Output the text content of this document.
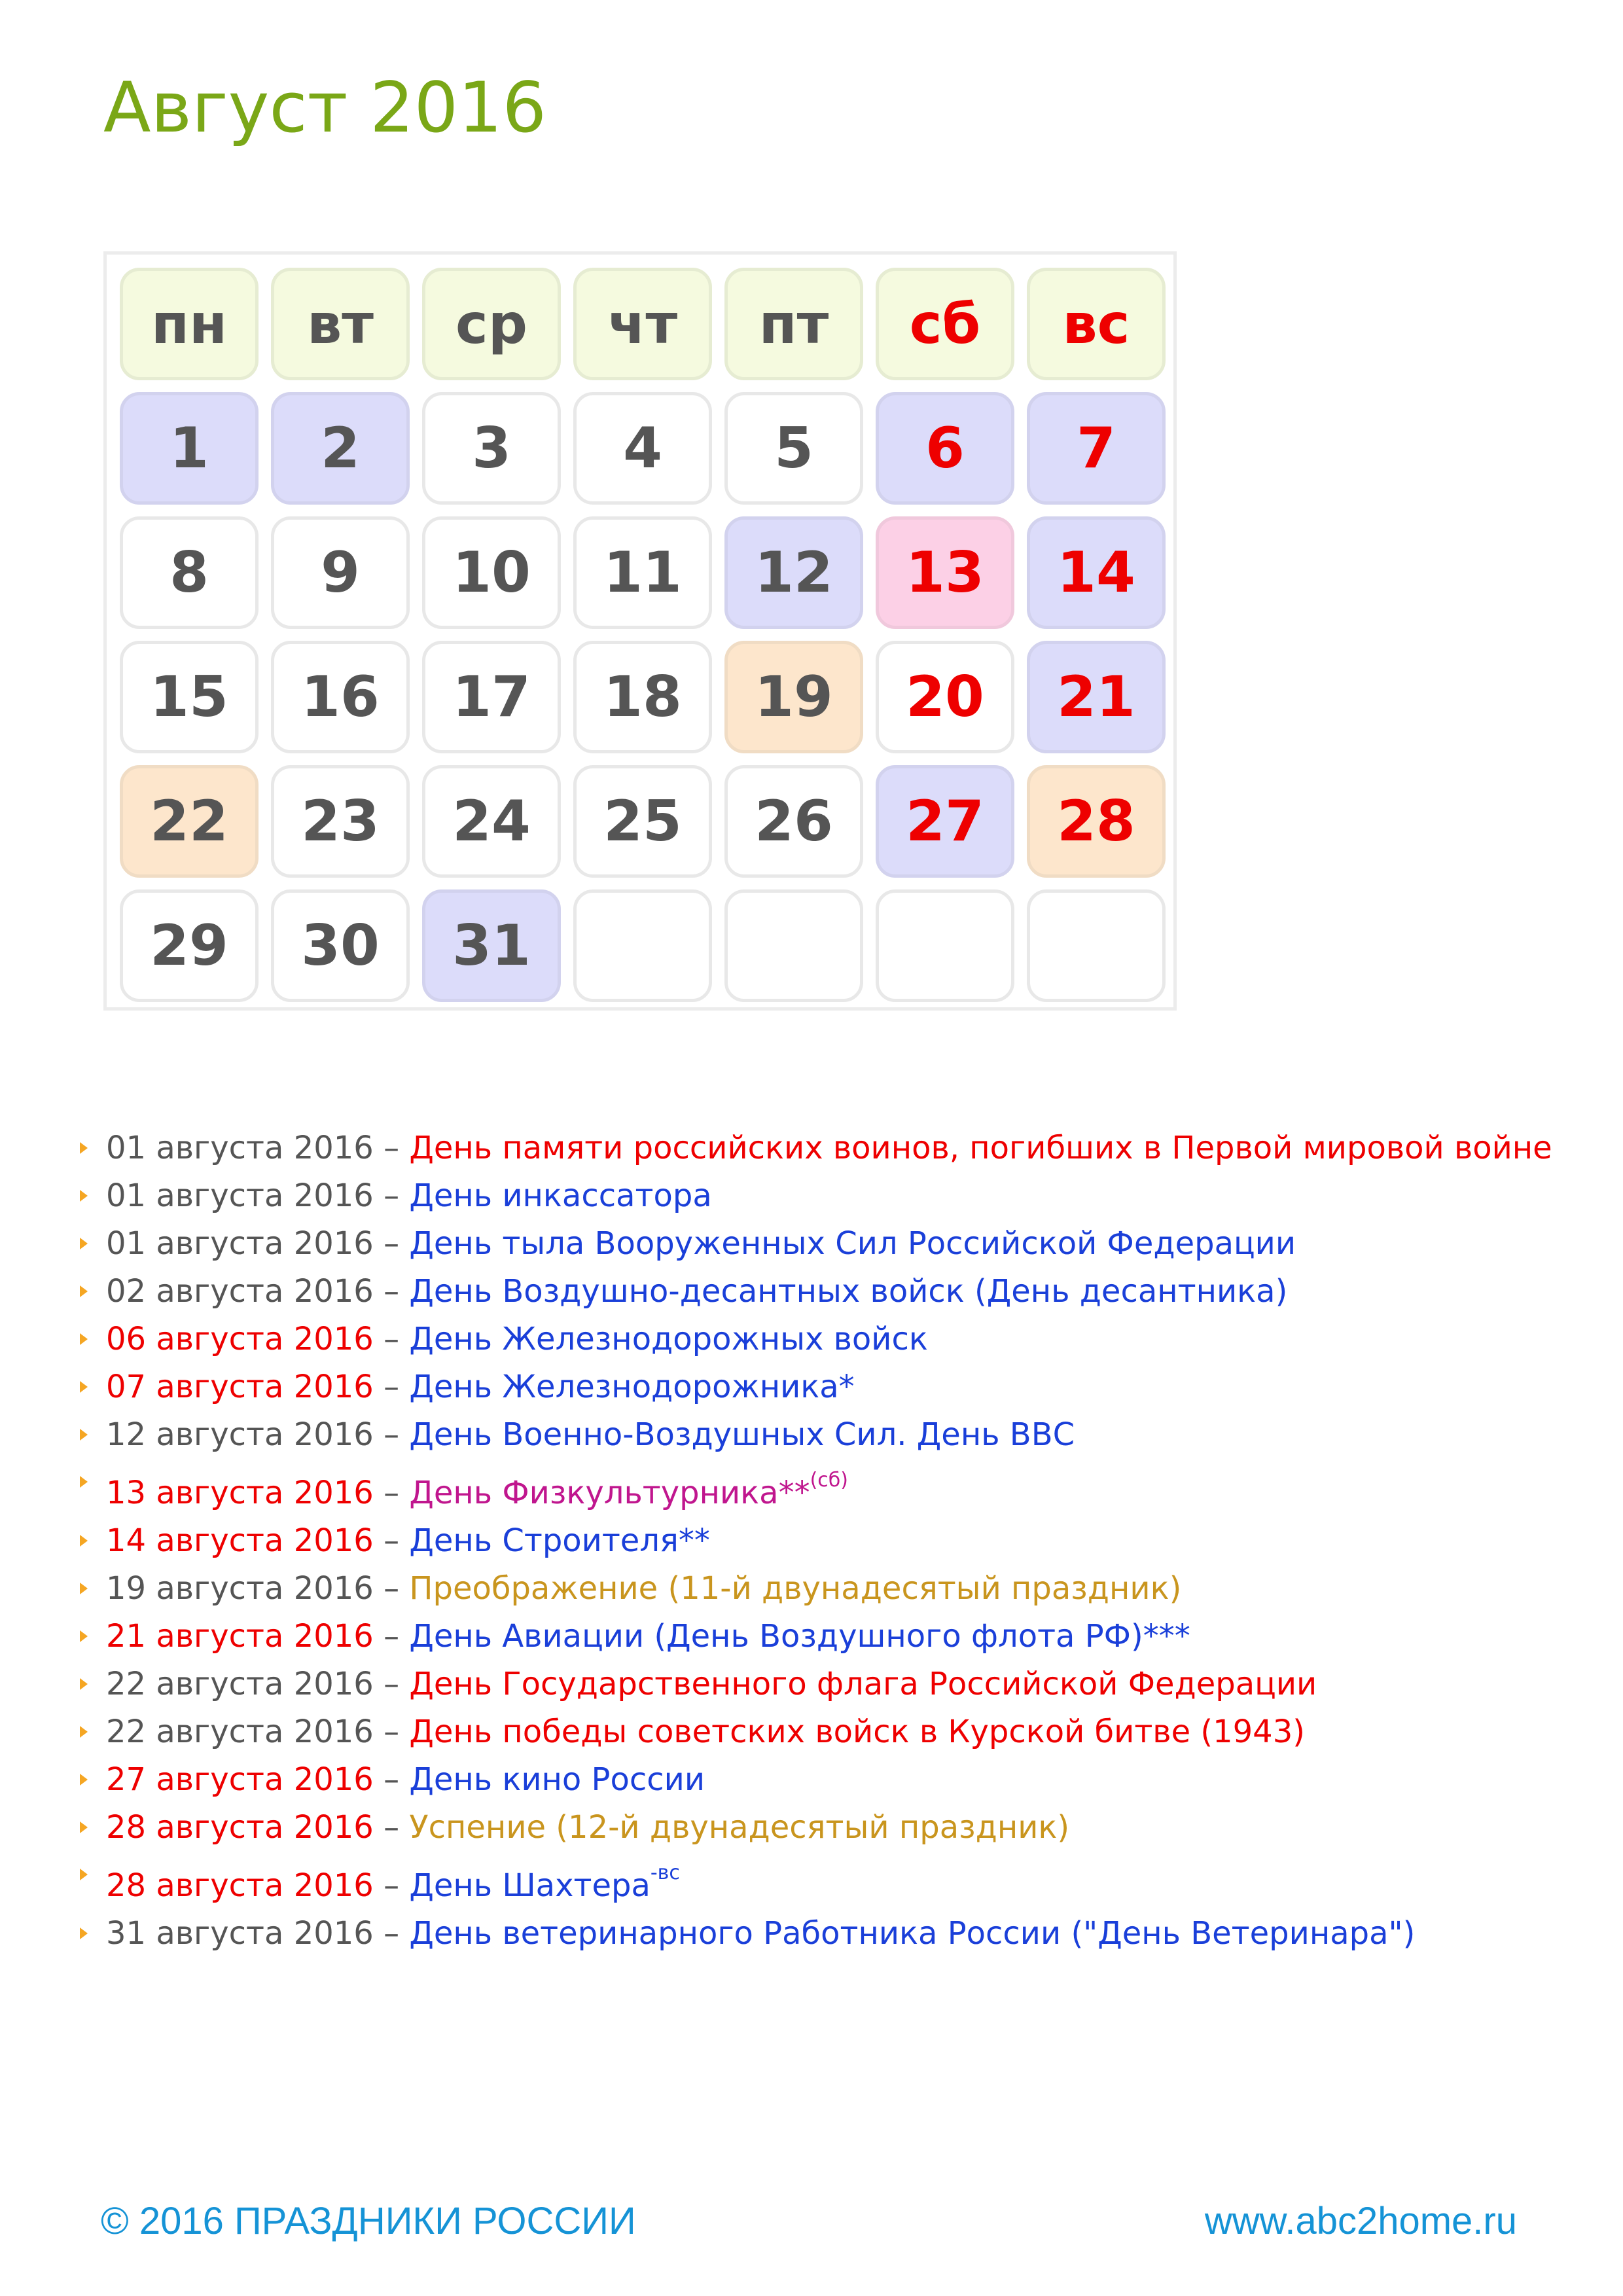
Август 2016
пн	вт	ср	чт	пт	сб	вс
1	2	3	4	5	6	7
8	9	10	11	12	13	14
15	16	17	18	19	20	21
22	23	24	25	26	27	28
29	30	31
01 августа 2016 – День памяти российских воинов, погибших в Первой мировой войне
01 августа 2016 – День инкассатора
01 августа 2016 – День тыла Вооруженных Сил Российской Федерации
02 августа 2016 – День Воздушно-десантных войск (День десантника)
06 августа 2016 – День Железнодорожных войск
07 августа 2016 – День Железнодорожника*
12 августа 2016 – День Военно-Воздушных Сил. День ВВС
13 августа 2016 – День Физкультурника**$^{(сб)}$
14 августа 2016 – День Строителя**
19 августа 2016 – Преображение (11-й двунадесятый праздник)
21 августа 2016 – День Авиации (День Воздушного флота РФ)***
22 августа 2016 – День Государственного флага Российской Федерации
22 августа 2016 – День победы советских войск в Курской битве (1943)
27 августа 2016 – День кино России
28 августа 2016 – Успение (12-й двунадесятый праздник)
28 августа 2016 – День Шахтера$^{-вс}$
31 августа 2016 – День ветеринарного Работника России ("День Ветеринара")
© 2016 ПРАЗДНИКИ РОССИИ	www.abc2home.ru
